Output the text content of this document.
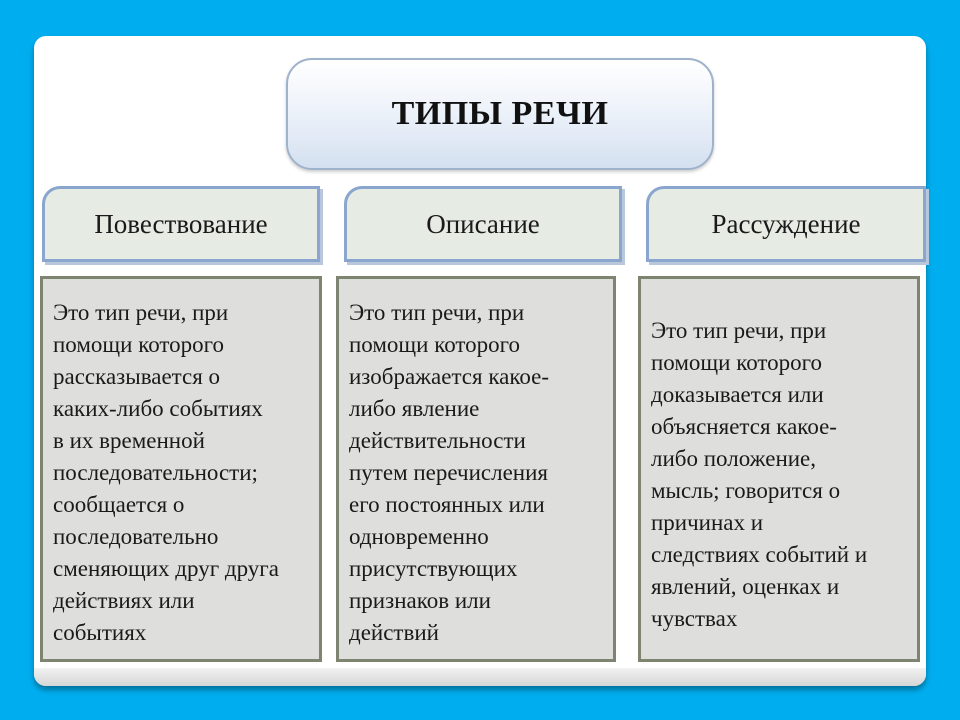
ТИПЫ РЕЧИ
Повествование	Описание	Рассуждение
Это тип речи, при
помощи которого
рассказывается о
каких-либо событиях
в их временной
последовательности;
сообщается о
последовательно
сменяющих друг друга
действиях или
событиях
Это тип речи, при
помощи которого
изображается какое-
либо явление
действительности
путем перечисления
его постоянных или
одновременно
присутствующих
признаков или
действий
Это тип речи, при
помощи которого
доказывается или
объясняется какое-
либо положение,
мысль; говорится о
причинах и
следствиях событий и
явлений, оценках и
чувствах
